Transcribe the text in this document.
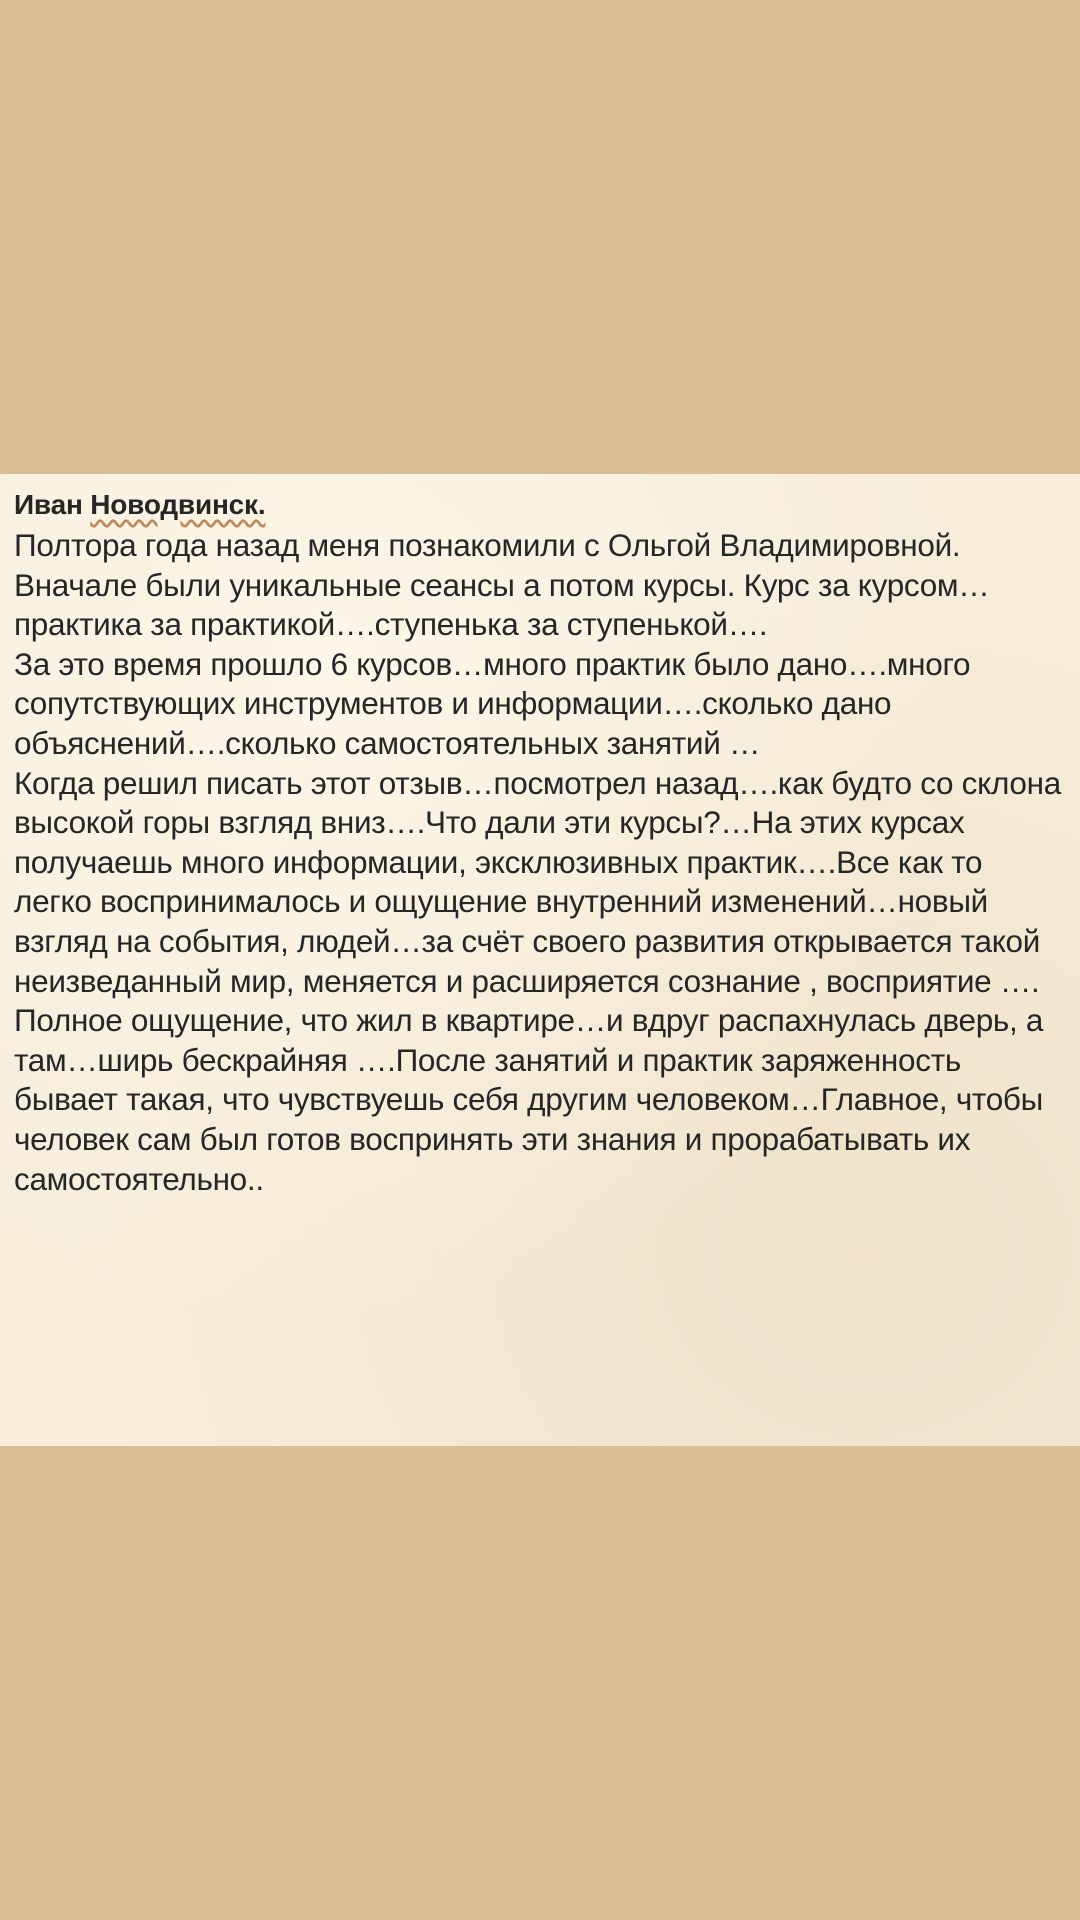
Иван Новодвинск.

Полтора года назад меня познакомили с Ольгой Владимировной. Вначале были уникальные сеансы а потом курсы. Курс за курсом…практика за практикой….ступенька за ступенькой….

За это время прошло 6 курсов…много практик было дано….много сопутствующих инструментов и информации….сколько дано объяснений….сколько самостоятельных занятий …

Когда решил писать этот отзыв…посмотрел назад….как будто со склона высокой горы взгляд вниз….Что дали эти курсы?…На этих курсах получаешь много информации, эксклюзивных практик….Все как то легко воспринималось и ощущение внутренний изменений…новый взгляд на события, людей…за счёт своего развития открывается такой неизведанный мир, меняется и расширяется сознание , восприятие ….

Полное ощущение, что жил в квартире…и вдруг распахнулась дверь, а там…ширь бескрайняя ….После занятий и практик заряженность бывает такая, что чувствуешь себя другим человеком…Главное, чтобы человек сам был готов воспринять эти знания и прорабатывать их самостоятельно..
